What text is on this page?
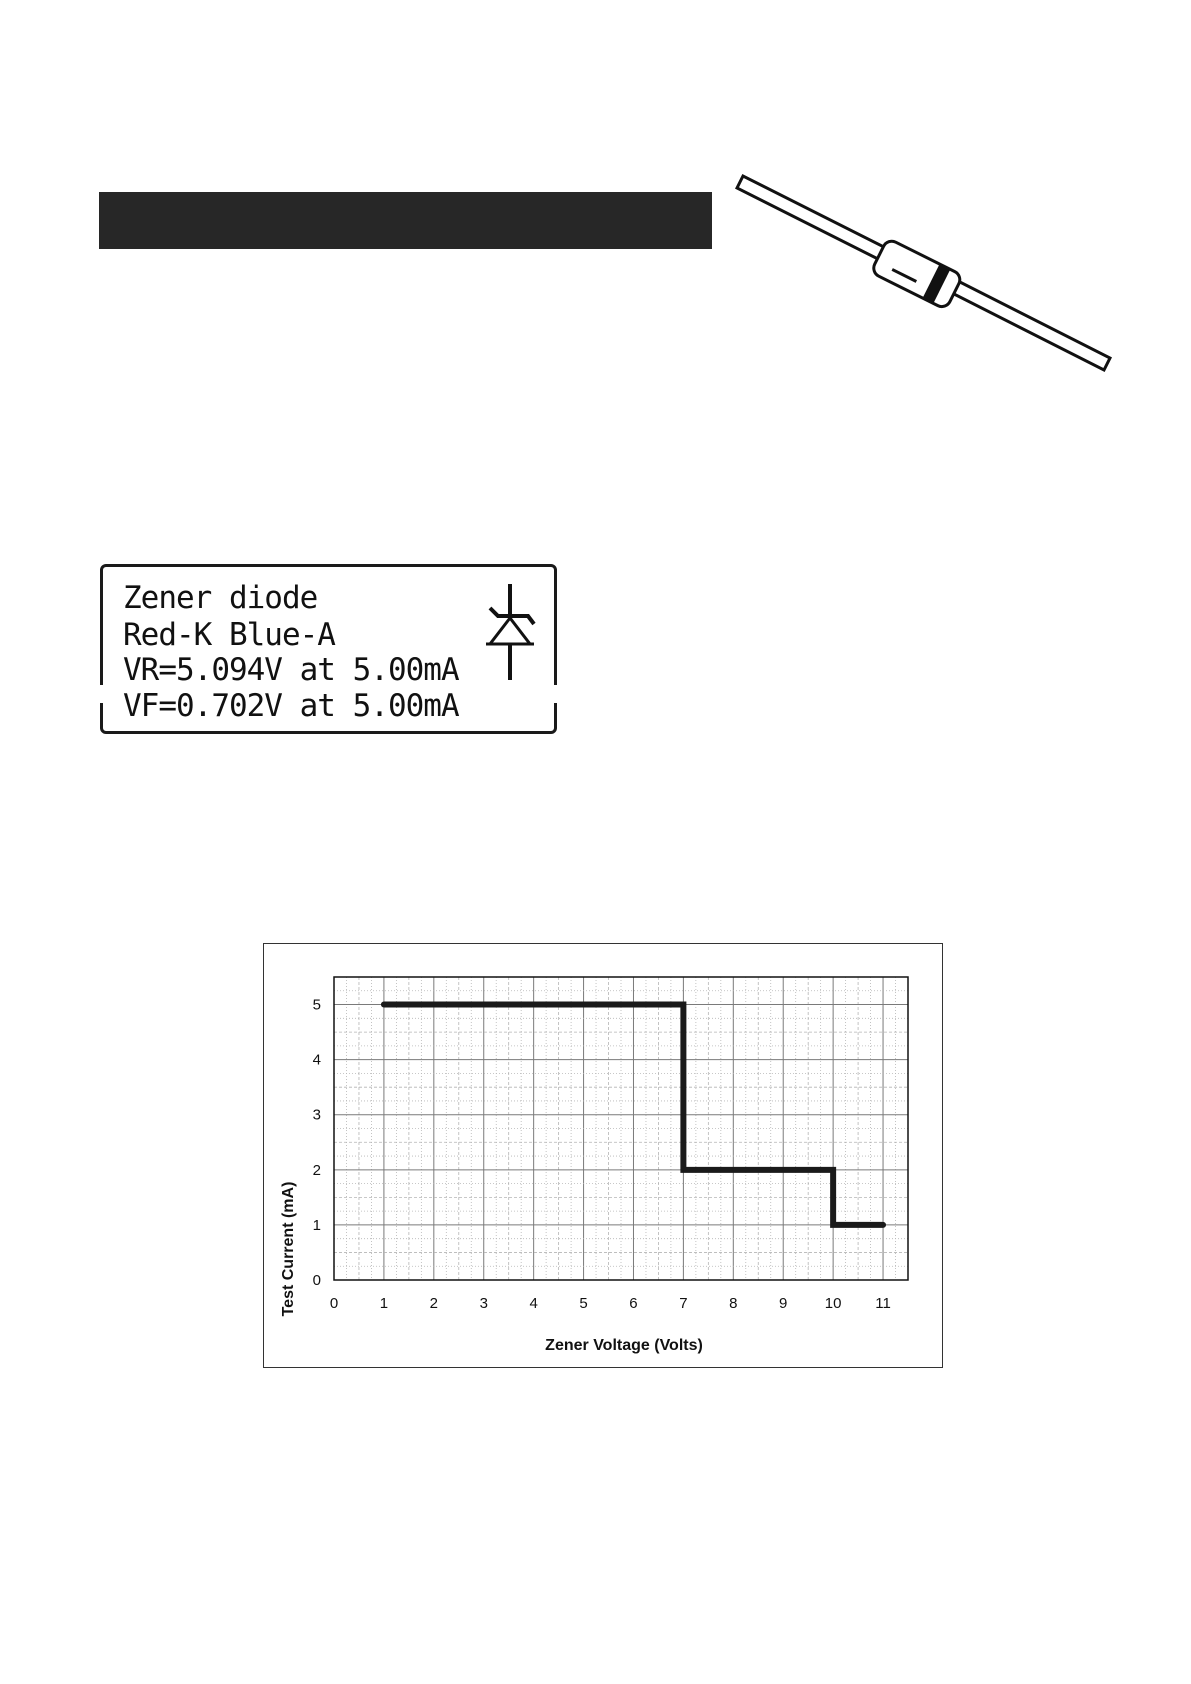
Zener diode
Red-K Blue-A
VR=5.094V at 5.00mA
VF=0.702V at 5.00mA
0	1	2	3	4	5	6	7	8	9 10 11
0
1
2
3
4
5
Zener Voltage (Volts)
Test Current (mA)
